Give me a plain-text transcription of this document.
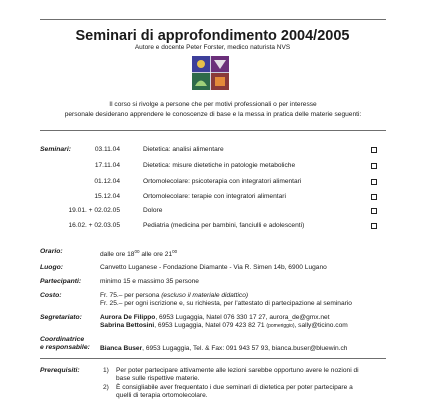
Seminari di approfondimento 2004/2005
Autore e docente Peter Forster, medico naturista NVS
Il corso si rivolge a persone che per motivi professionali o per interesse
personale desiderano apprendere le conoscenze di base e la messa in pratica delle materie seguenti:
Seminari:	03.11.04	Dietetica: analisi alimentare
17.11.04	Dietetica: misure dietetiche in patologie metaboliche
01.12.04	Ortomolecolare: psicoterapia con integratori alimentari
15.12.04	Ortomolecolare: terapie con integratori alimentari
19.01. + 02.02.05	Dolore
16.02. + 02.03.05	Pediatria (medicina per bambini, fanciulli e adolescenti)
Orario:	dalle ore $18^{00}$ alle ore $21^{00}$
Luogo:	Canvetto Luganese - Fondazione Diamante - Via R. Simen 14b, 6900 Lugano
Partecipanti:	minimo 15 e massimo 35 persone
Costo:	Fr. 75.– per persona (escluso il materiale didattico)
Fr. 25.– per ogni iscrizione e, su richiesta, per l'attestato di partecipazione al seminario
Segretariato:	Aurora De Filippo, 6953 Lugaggia, Natel 076 330 17 27, aurora_de@gmx.net
Sabrina Bettosini, 6953 Lugaggia, Natel 079 423 82 71 (pomeriggio), sally@ticino.com
Coordinatrice
e responsabile: Bianca Buser, 6953 Lugaggia, Tel. & Fax: 091 943 57 93, bianca.buser@bluewin.ch
Prerequisiti:	1) Per poter partecipare attivamente alle lezioni sarebbe opportuno avere le nozioni di
base sulle rispettive materie.
2) È consigliabile aver frequentato i due seminari di dietetica per poter partecipare a
quelli di terapia ortomolecolare.
